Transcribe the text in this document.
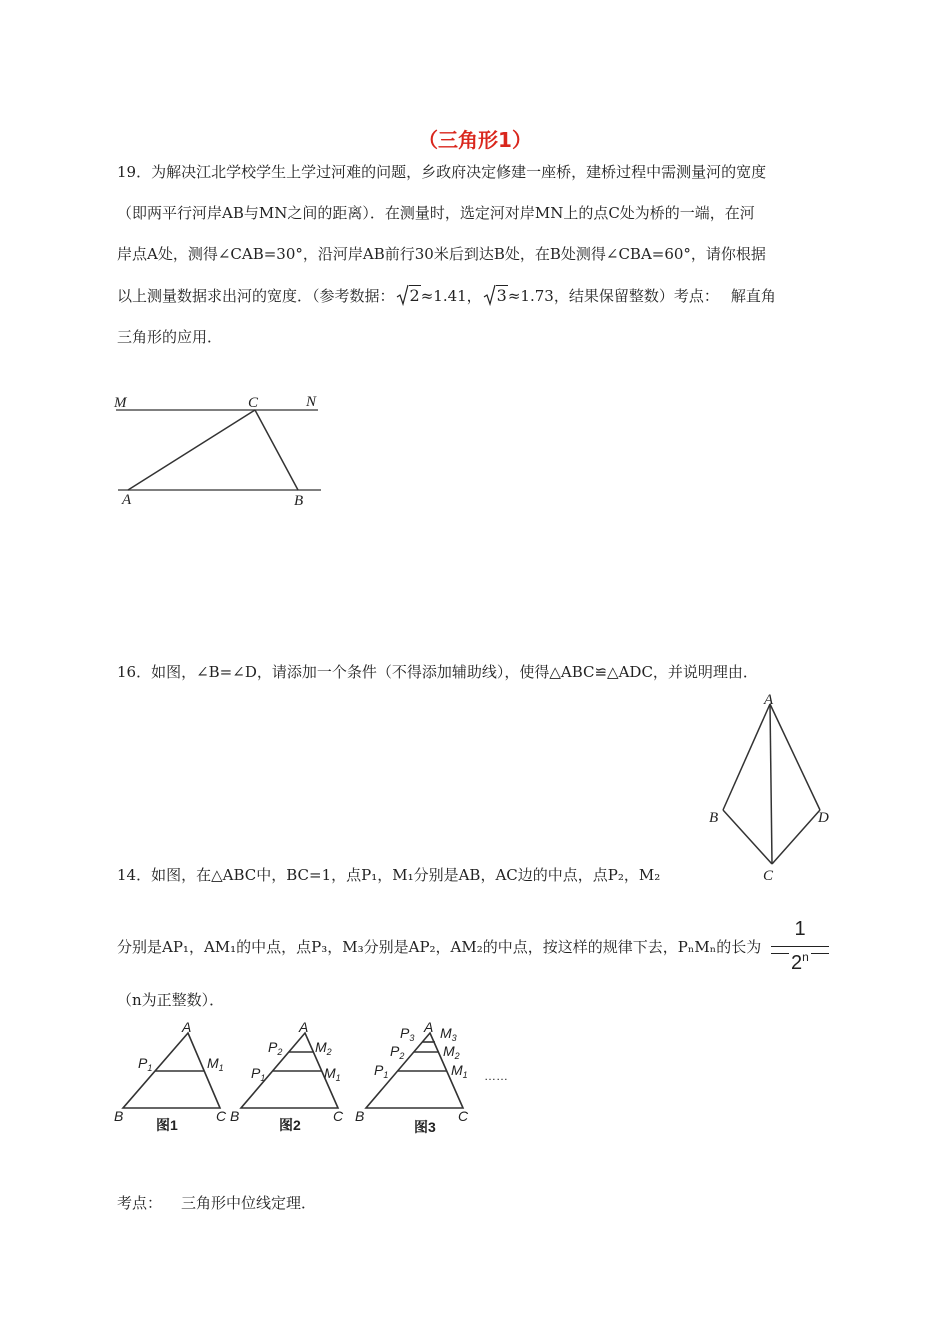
（三角形1）
19．为解决江北学校学生上学过河难的问题，乡政府决定修建一座桥，建桥过程中需测量河的宽度
（即两平行河岸AB与MN之间的距离）．在测量时，选定河对岸MN上的点C处为桥的一端，在河
岸点A处，测得∠CAB=30°，沿河岸AB前行30米后到达B处，在B处测得∠CBA=60°，请你根据
以上测量数据求出河的宽度．（参考数据： 2≈1.41， 3≈1.73，结果保留整数）考点： 解直角
三角形的应用．
M	C	N
A	B
16．如图，∠B=∠D，请添加一个条件（不得添加辅助线），使得△ABC≌△ADC，并说明理由．
A
B	D
C
14．如图，在△ABC中，BC=1，点P₁，M₁分别是AB，AC边的中点，点P₂，M₂
分别是AP₁，AM₁的中点，点P₃，M₃分别是AP₂，AM₂的中点，按这样的规律下去，PₙMₙ的长为
1
2$^n$
（n为正整数）．
A
$P_1$	$M_1$
B	C
图1
A
$P_2$ $M_2$
$P_1$	$M_1$
B	C
图2
A
$P_3$ $M_3$
$P_2$	$M_2$
$P_1$	$M_1$
B	C
图3
……
考点： 三角形中位线定理．
